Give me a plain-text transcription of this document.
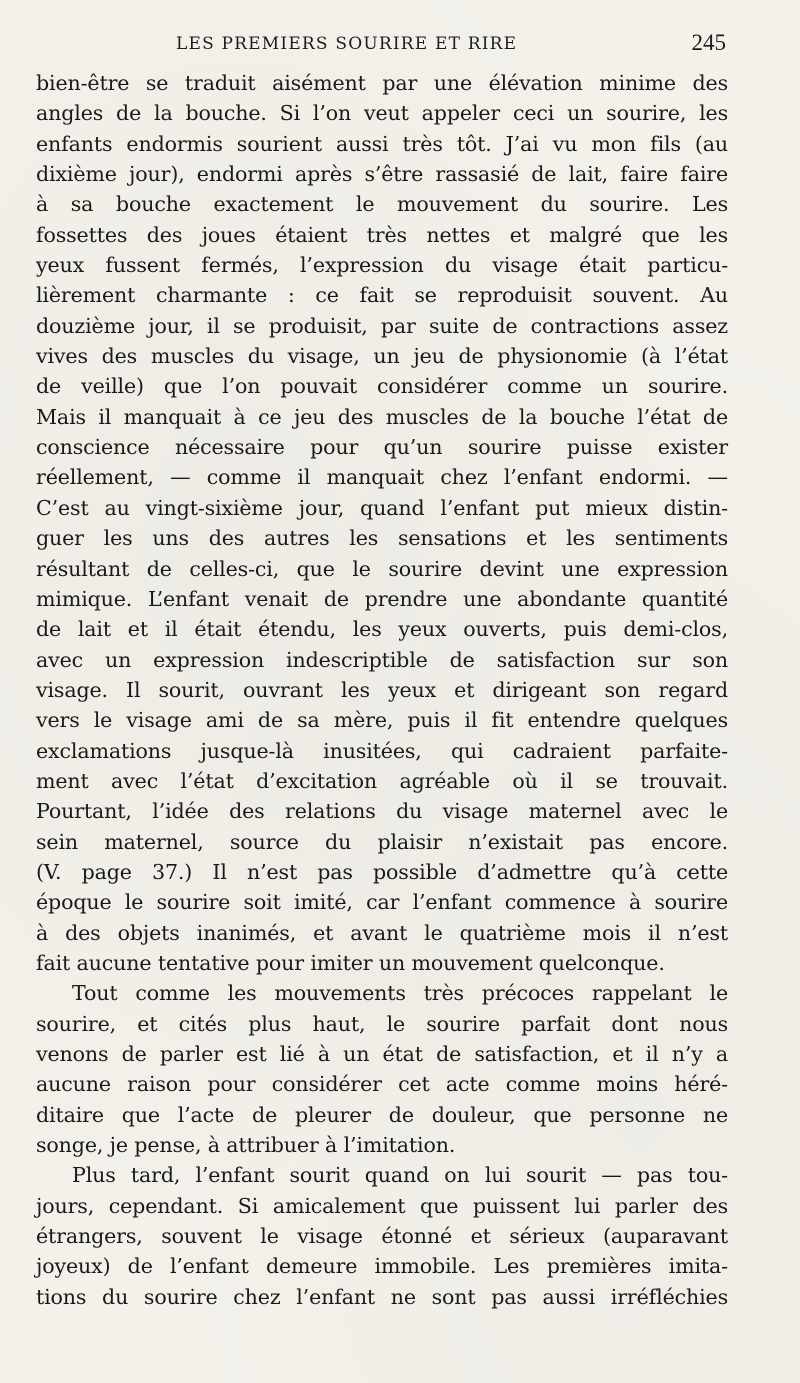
LES PREMIERS SOURIRE ET RIRE	245
bien-être se traduit aisément par une élévation minime des
angles de la bouche. Si l’on veut appeler ceci un sourire, les
enfants endormis sourient aussi très tôt. J’ai vu mon fils (au
dixième jour), endormi après s’être rassasié de lait, faire faire
à sa bouche exactement le mouvement du sourire. Les
fossettes des joues étaient très nettes et malgré que les
yeux fussent fermés, l’expression du visage était particu-
lièrement charmante : ce fait se reproduisit souvent. Au
douzième jour, il se produisit, par suite de contractions assez
vives des muscles du visage, un jeu de physionomie (à l’état
de veille) que l’on pouvait considérer comme un sourire.
Mais il manquait à ce jeu des muscles de la bouche l’état de
conscience nécessaire pour qu’un sourire puisse exister
réellement, — comme il manquait chez l’enfant endormi. —
C’est au vingt-sixième jour, quand l’enfant put mieux distin-
guer les uns des autres les sensations et les sentiments
résultant de celles-ci, que le sourire devint une expression
mimique. L’enfant venait de prendre une abondante quantité
de lait et il était étendu, les yeux ouverts, puis demi-clos,
avec un expression indescriptible de satisfaction sur son
visage. Il sourit, ouvrant les yeux et dirigeant son regard
vers le visage ami de sa mère, puis il fit entendre quelques
exclamations jusque-là inusitées, qui cadraient parfaite-
ment avec l’état d’excitation agréable où il se trouvait.
Pourtant, l’idée des relations du visage maternel avec le
sein maternel, source du plaisir n’existait pas encore.
(V. page 37.) Il n’est pas possible d’admettre qu’à cette
époque le sourire soit imité, car l’enfant commence à sourire
à des objets inanimés, et avant le quatrième mois il n’est
fait aucune tentative pour imiter un mouvement quelconque.
Tout comme les mouvements très précoces rappelant le
sourire, et cités plus haut, le sourire parfait dont nous
venons de parler est lié à un état de satisfaction, et il n’y a
aucune raison pour considérer cet acte comme moins héré-
ditaire que l’acte de pleurer de douleur, que personne ne
songe, je pense, à attribuer à l’imitation.
Plus tard, l’enfant sourit quand on lui sourit — pas tou-
jours, cependant. Si amicalement que puissent lui parler des
étrangers, souvent le visage étonné et sérieux (auparavant
joyeux) de l’enfant demeure immobile. Les premières imita-
tions du sourire chez l’enfant ne sont pas aussi irréfléchies
